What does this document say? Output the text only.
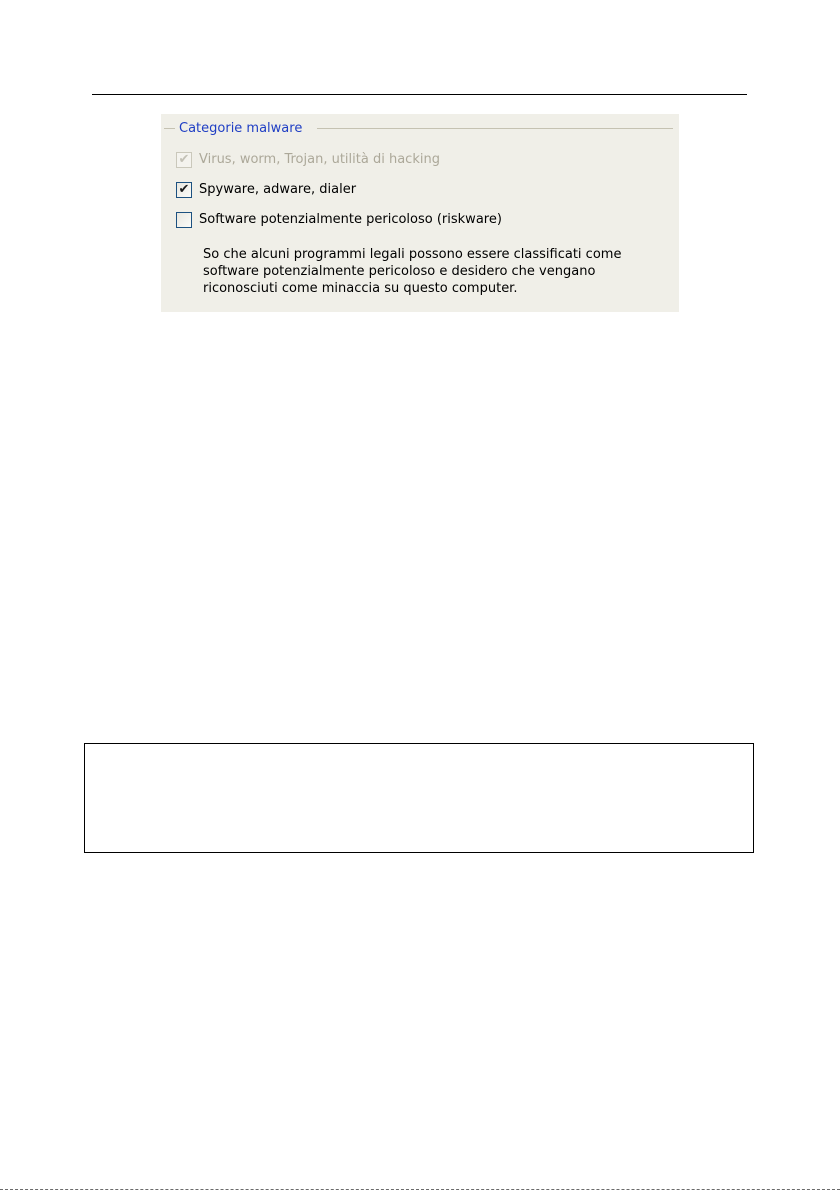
Categorie malware
✔ Virus, worm, Trojan, utilità di hacking
✔ Spyware, adware, dialer
Software potenzialmente pericoloso (riskware)
So che alcuni programmi legali possono essere classificati come
software potenzialmente pericoloso e desidero che vengano
riconosciuti come minaccia su questo computer.
